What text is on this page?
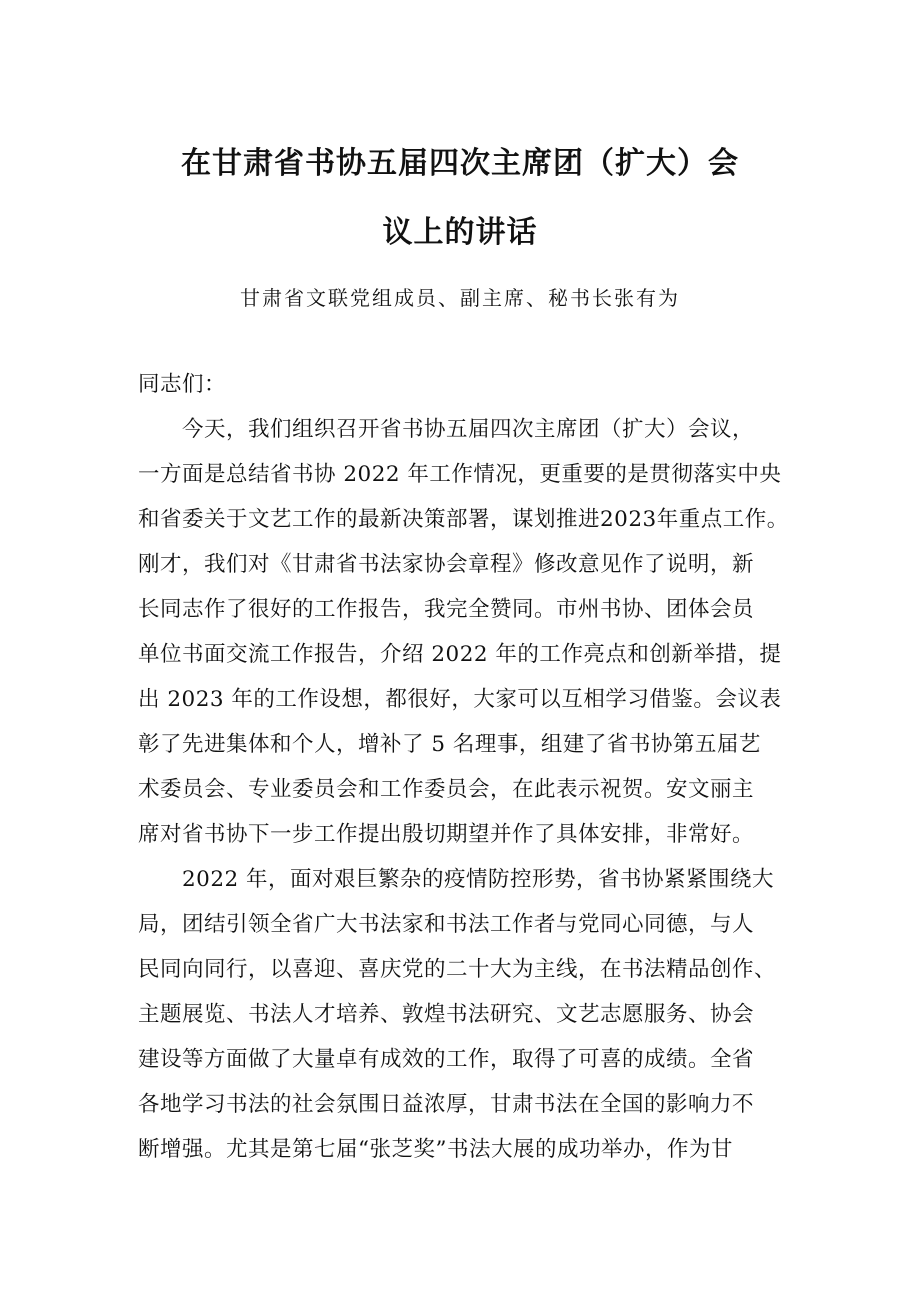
在甘肃省书协五届四次主席团（扩大）会
议上的讲话
甘肃省文联党组成员、副主席、秘书长张有为
同志们：
今天，我们组织召开省书协五届四次主席团（扩大）会议，
一方面是总结省书协 2022 年工作情况，更重要的是贯彻落实中央
和省委关于文艺工作的最新决策部署，谋划推进2023年重点工作。
刚才，我们对《甘肃省书法家协会章程》修改意见作了说明，新
长同志作了很好的工作报告，我完全赞同。市州书协、团体会员
单位书面交流工作报告，介绍 2022 年的工作亮点和创新举措，提
出 2023 年的工作设想，都很好，大家可以互相学习借鉴。会议表
彰了先进集体和个人，增补了 5 名理事，组建了省书协第五届艺
术委员会、专业委员会和工作委员会，在此表示祝贺。安文丽主
席对省书协下一步工作提出殷切期望并作了具体安排，非常好。
2022 年，面对艰巨繁杂的疫情防控形势，省书协紧紧围绕大
局，团结引领全省广大书法家和书法工作者与党同心同德，与人
民同向同行，以喜迎、喜庆党的二十大为主线，在书法精品创作、
主题展览、书法人才培养、敦煌书法研究、文艺志愿服务、协会
建设等方面做了大量卓有成效的工作，取得了可喜的成绩。全省
各地学习书法的社会氛围日益浓厚，甘肃书法在全国的影响力不
断增强。尤其是第七届“张芝奖”书法大展的成功举办，作为甘
